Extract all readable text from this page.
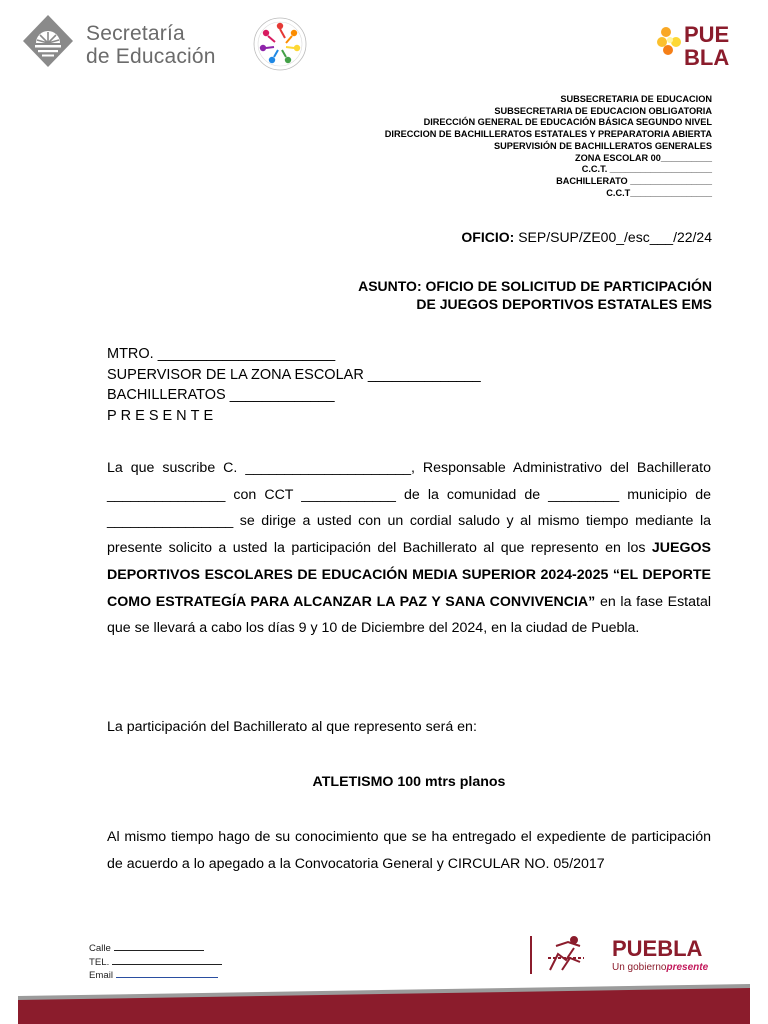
Secretaría
de Educación
PUE
BLA
SUBSECRETARIA DE EDUCACION
SUBSECRETARIA DE EDUCACION OBLIGATORIA
DIRECCIÓN GENERAL DE EDUCACIÓN BÁSICA SEGUNDO NIVEL
DIRECCION DE BACHILLERATOS ESTATALES Y PREPARATORIA ABIERTA
SUPERVISIÓN DE BACHILLERATOS GENERALES
ZONA ESCOLAR 00__________
C.C.T. ____________________
BACHILLERATO ________________
C.C.T________________
OFICIO: SEP/SUP/ZE00_/esc___/22/24
ASUNTO: OFICIO DE SOLICITUD DE PARTICIPACIÓN
DE JUEGOS DEPORTIVOS ESTATALES EMS
MTRO. ______________________
SUPERVISOR DE LA ZONA ESCOLAR ______________
BACHILLERATOS _____________
PRESENTE
La que suscribe C. _____________________, Responsable Administrativo del Bachillerato _______________ con CCT ____________ de la comunidad de _________ municipio de ________________ se dirige a usted con un cordial saludo y al mismo tiempo mediante la presente solicito a usted la participación del Bachillerato al que represento en los JUEGOS DEPORTIVOS ESCOLARES DE EDUCACIÓN MEDIA SUPERIOR 2024-2025 “EL DEPORTE COMO ESTRATEGÍA PARA ALCANZAR LA PAZ Y SANA CONVIVENCIA” en la fase Estatal que se llevará a cabo los días 9 y 10 de Diciembre del 2024, en la ciudad de Puebla.
La participación del Bachillerato al que represento será en:
ATLETISMO 100 mtrs planos
Al mismo tiempo hago de su conocimiento que se ha entregado el expediente de participación de acuerdo a lo apegado a la Convocatoria General y CIRCULAR NO. 05/2017
Calle
TEL.
Email
PUEBLA
Un gobiernopresente
